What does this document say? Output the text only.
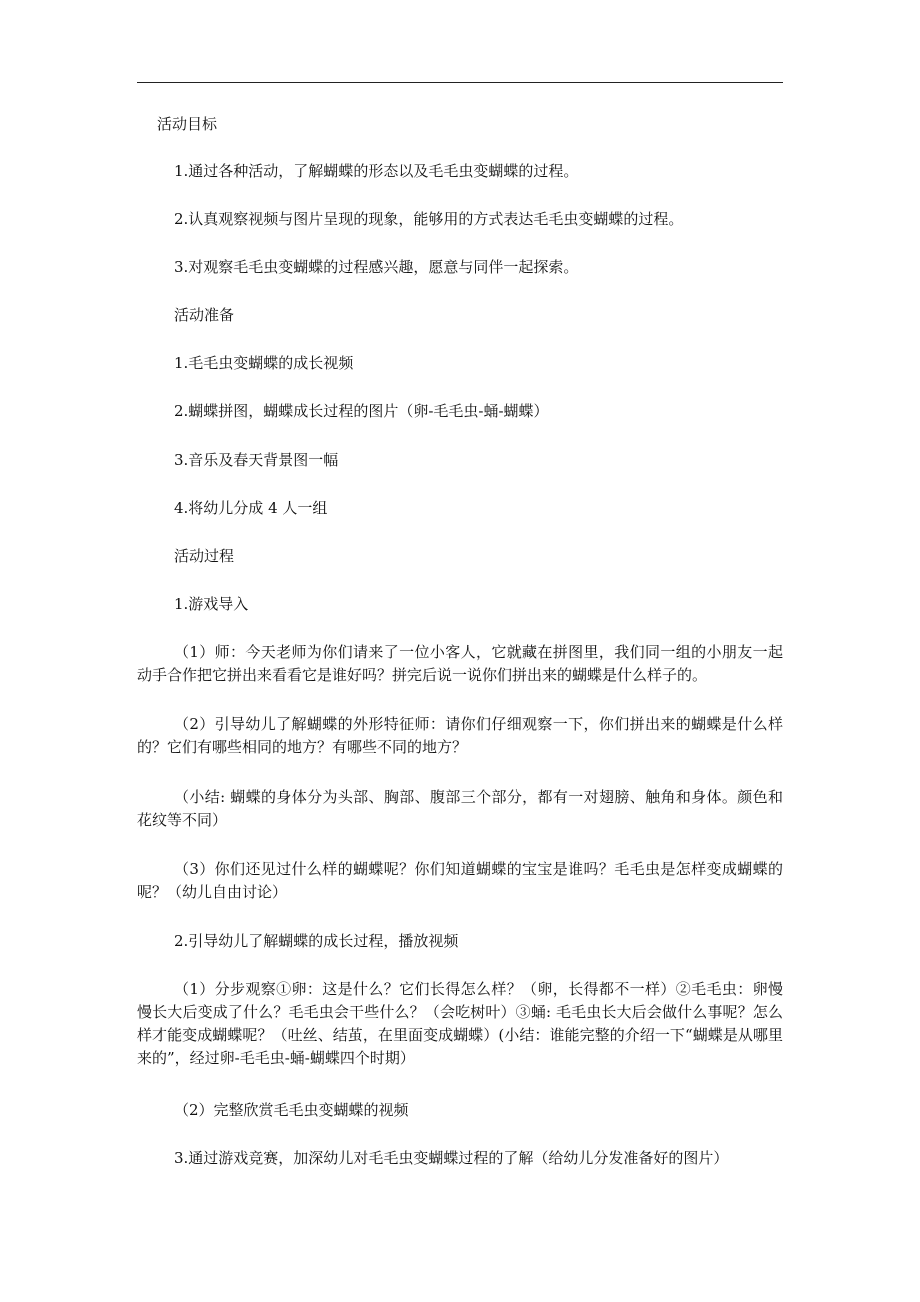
活动目标

1.通过各种活动，了解蝴蝶的形态以及毛毛虫变蝴蝶的过程。

2.认真观察视频与图片呈现的现象，能够用的方式表达毛毛虫变蝴蝶的过程。

3.对观察毛毛虫变蝴蝶的过程感兴趣，愿意与同伴一起探索。

活动准备

1.毛毛虫变蝴蝶的成长视频

2.蝴蝶拼图，蝴蝶成长过程的图片（卵-毛毛虫-蛹-蝴蝶）

3.音乐及春天背景图一幅

4.将幼儿分成 4 人一组

活动过程

1.游戏导入

（1）师：今天老师为你们请来了一位小客人，它就藏在拼图里，我们同一组的小朋友一起动手合作把它拼出来看看它是谁好吗？拼完后说一说你们拼出来的蝴蝶是什么样子的。

（2）引导幼儿了解蝴蝶的外形特征师：请你们仔细观察一下，你们拼出来的蝴蝶是什么样的？它们有哪些相同的地方？有哪些不同的地方？

（小结: 蝴蝶的身体分为头部、胸部、腹部三个部分，都有一对翅膀、触角和身体。颜色和花纹等不同）

（3）你们还见过什么样的蝴蝶呢？你们知道蝴蝶的宝宝是谁吗？毛毛虫是怎样变成蝴蝶的呢？（幼儿自由讨论）

2.引导幼儿了解蝴蝶的成长过程，播放视频

（1）分步观察①卵：这是什么？它们长得怎么样？（卵，长得都不一样）②毛毛虫：卵慢慢长大后变成了什么？毛毛虫会干些什么？（会吃树叶）③蛹: 毛毛虫长大后会做什么事呢？怎么样才能变成蝴蝶呢？（吐丝、结茧，在里面变成蝴蝶）(小结：谁能完整的介绍一下“蝴蝶是从哪里来的”，经过卵-毛毛虫-蛹-蝴蝶四个时期）

（2）完整欣赏毛毛虫变蝴蝶的视频

3.通过游戏竞赛，加深幼儿对毛毛虫变蝴蝶过程的了解（给幼儿分发准备好的图片）
